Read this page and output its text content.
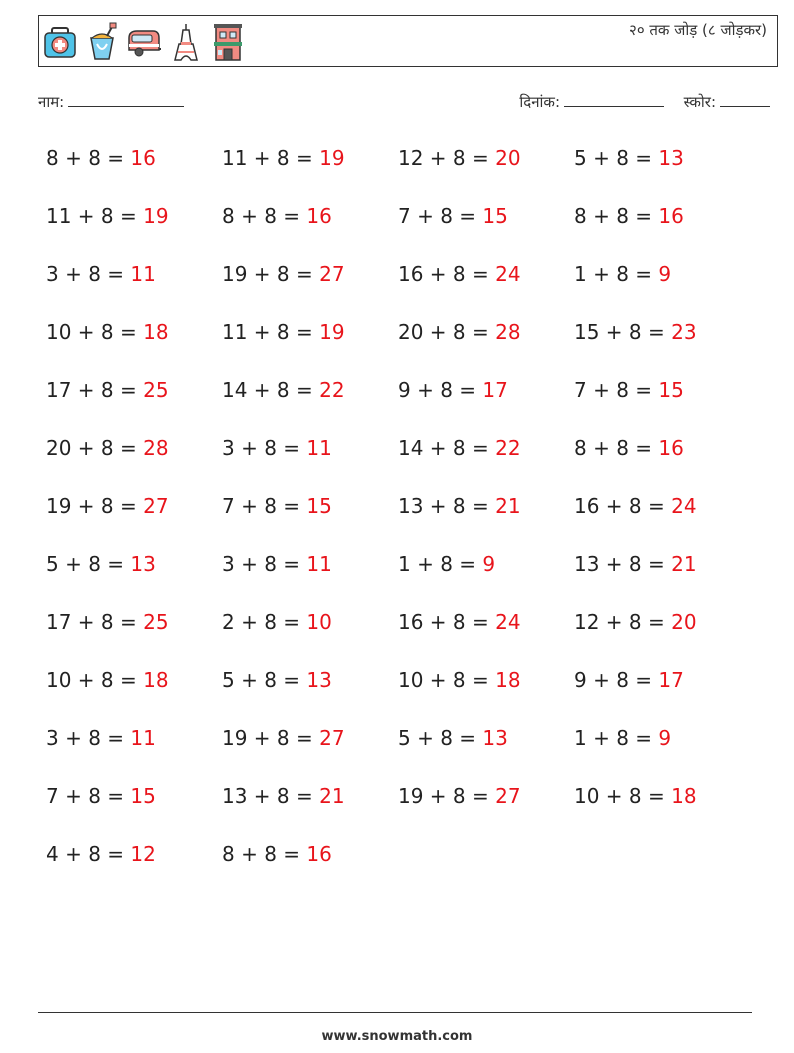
२० तक जोड़ (८ जोड़कर)
नाम:	दिनांक:	स्कोर:
8 + 8 = 16	11 + 8 = 19	12 + 8 = 20	5 + 8 = 13
11 + 8 = 19	8 + 8 = 16	7 + 8 = 15	8 + 8 = 16
3 + 8 = 11	19 + 8 = 27	16 + 8 = 24	1 + 8 = 9
10 + 8 = 18	11 + 8 = 19	20 + 8 = 28	15 + 8 = 23
17 + 8 = 25	14 + 8 = 22	9 + 8 = 17	7 + 8 = 15
20 + 8 = 28	3 + 8 = 11	14 + 8 = 22	8 + 8 = 16
19 + 8 = 27	7 + 8 = 15	13 + 8 = 21	16 + 8 = 24
5 + 8 = 13	3 + 8 = 11	1 + 8 = 9	13 + 8 = 21
17 + 8 = 25	2 + 8 = 10	16 + 8 = 24	12 + 8 = 20
10 + 8 = 18	5 + 8 = 13	10 + 8 = 18	9 + 8 = 17
3 + 8 = 11	19 + 8 = 27	5 + 8 = 13	1 + 8 = 9
7 + 8 = 15	13 + 8 = 21	19 + 8 = 27	10 + 8 = 18
4 + 8 = 12	8 + 8 = 16
www.snowmath.com
